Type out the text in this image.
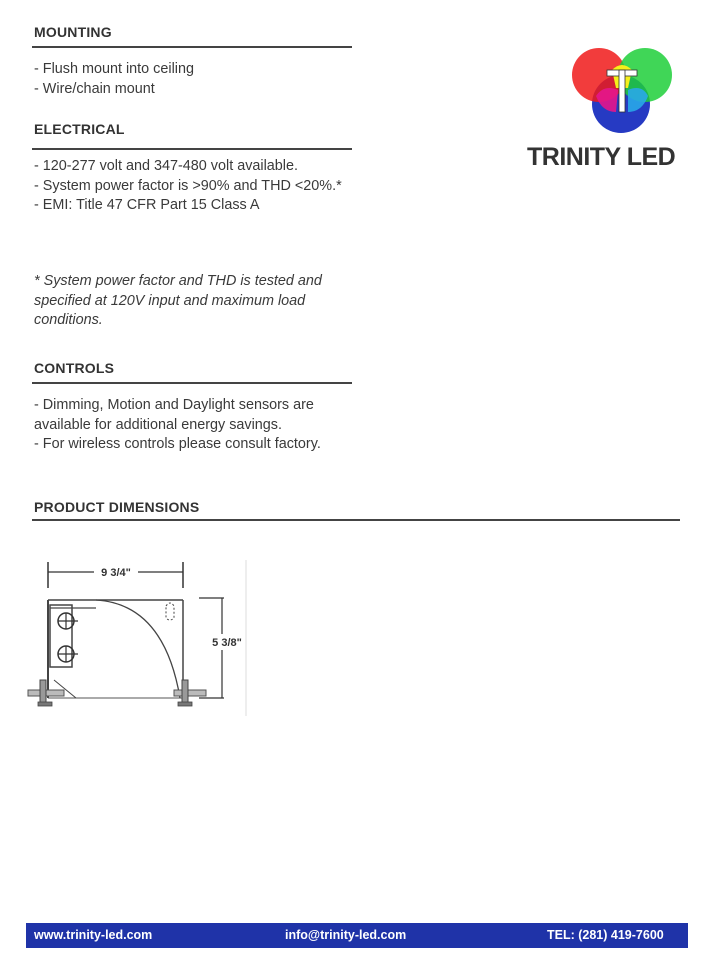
MOUNTING
- Flush mount into ceiling
- Wire/chain mount
ELECTRICAL
- 120-277 volt and 347-480 volt available.
- System power factor is >90% and THD <20%.*
- EMI: Title 47 CFR Part 15 Class A
* System power factor and THD is tested and specified at 120V input and maximum load conditions.
CONTROLS
- Dimming, Motion and Daylight sensors are available for additional energy savings.
- For wireless controls please consult factory.
PRODUCT DIMENSIONS
9 3/4"
5 3/8"
TRINITY LED
www.trinity-led.com	info@trinity-led.com	TEL: (281) 419-7600
